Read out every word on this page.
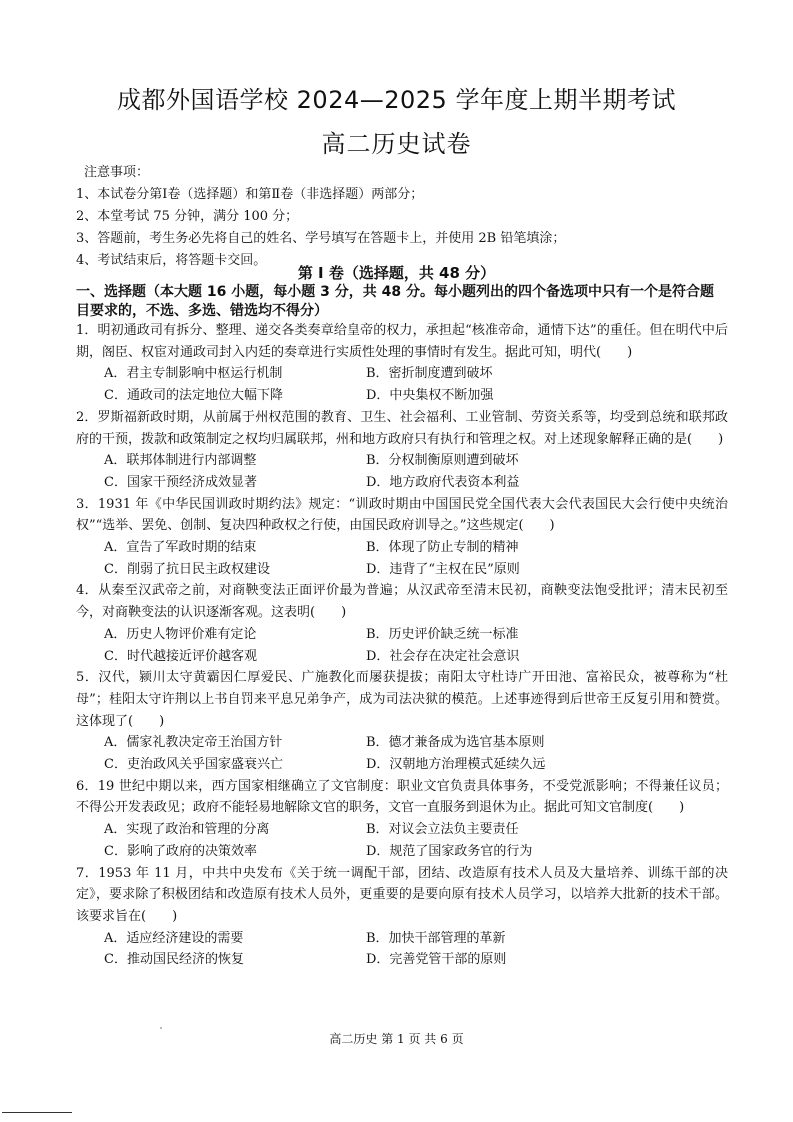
成都外国语学校 2024—2025 学年度上期半期考试
高二历史试卷
注意事项：
1、本试卷分第Ⅰ卷（选择题）和第Ⅱ卷（非选择题）两部分；
2、本堂考试 75 分钟，满分 100 分；
3、答题前，考生务必先将自己的姓名、学号填写在答题卡上，并使用 2B 铅笔填涂；
4、考试结束后，将答题卡交回。
第 Ⅰ 卷（选择题，共 48 分）
一、选择题（本大题 16 小题，每小题 3 分，共 48 分。每小题列出的四个备选项中只有一个是符合题目要求的，不选、多选、错选均不得分）
1．明初通政司有拆分、整理、递交各类奏章给皇帝的权力，承担起“核准帝命，通情下达”的重任。但在明代中后期，阁臣、权宦对通政司封入内廷的奏章进行实质性处理的事情时有发生。据此可知，明代(　　)
A．君主专制影响中枢运行机制	B．密折制度遭到破坏
C．通政司的法定地位大幅下降	D．中央集权不断加强
2．罗斯福新政时期，从前属于州权范围的教育、卫生、社会福利、工业管制、劳资关系等，均受到总统和联邦政府的干预，拨款和政策制定之权均归属联邦，州和地方政府只有执行和管理之权。对上述现象解释正确的是(　　)
A．联邦体制进行内部调整	B．分权制衡原则遭到破坏
C．国家干预经济成效显著	D．地方政府代表资本利益
3．1931 年《中华民国训政时期约法》规定：“训政时期由中国国民党全国代表大会代表国民大会行使中央统治权”“选举、罢免、创制、复决四种政权之行使，由国民政府训导之。”这些规定(　　)
A．宣告了军政时期的结束	B．体现了防止专制的精神
C．削弱了抗日民主政权建设	D．违背了“主权在民”原则
4．从秦至汉武帝之前，对商鞅变法正面评价最为普遍；从汉武帝至清末民初，商鞅变法饱受批评；清末民初至今，对商鞅变法的认识逐渐客观。这表明(　　)
A．历史人物评价难有定论	B．历史评价缺乏统一标准
C．时代越接近评价越客观	D．社会存在决定社会意识
5．汉代，颍川太守黄霸因仁厚爱民、广施教化而屡获提拔；南阳太守杜诗广开田池、富裕民众，被尊称为“杜母”；桂阳太守许荆以上书自罚来平息兄弟争产，成为司法决狱的模范。上述事迹得到后世帝王反复引用和赞赏。这体现了(　　)
A．儒家礼教决定帝王治国方针	B．德才兼备成为选官基本原则
C．吏治政风关乎国家盛衰兴亡	D．汉朝地方治理模式延续久远
6．19 世纪中期以来，西方国家相继确立了文官制度：职业文官负责具体事务，不受党派影响；不得兼任议员；不得公开发表政见；政府不能轻易地解除文官的职务，文官一直服务到退休为止。据此可知文官制度(　　)
A．实现了政治和管理的分离	B．对议会立法负主要责任
C．影响了政府的决策效率	D．规范了国家政务官的行为
7．1953 年 11 月，中共中央发布《关于统一调配干部，团结、改造原有技术人员及大量培养、训练干部的决定》，要求除了积极团结和改造原有技术人员外，更重要的是要向原有技术人员学习，以培养大批新的技术干部。该要求旨在(　　)
A．适应经济建设的需要	B．加快干部管理的革新
C．推动国民经济的恢复	D．完善党管干部的原则
高二历史 第 1 页 共 6 页
